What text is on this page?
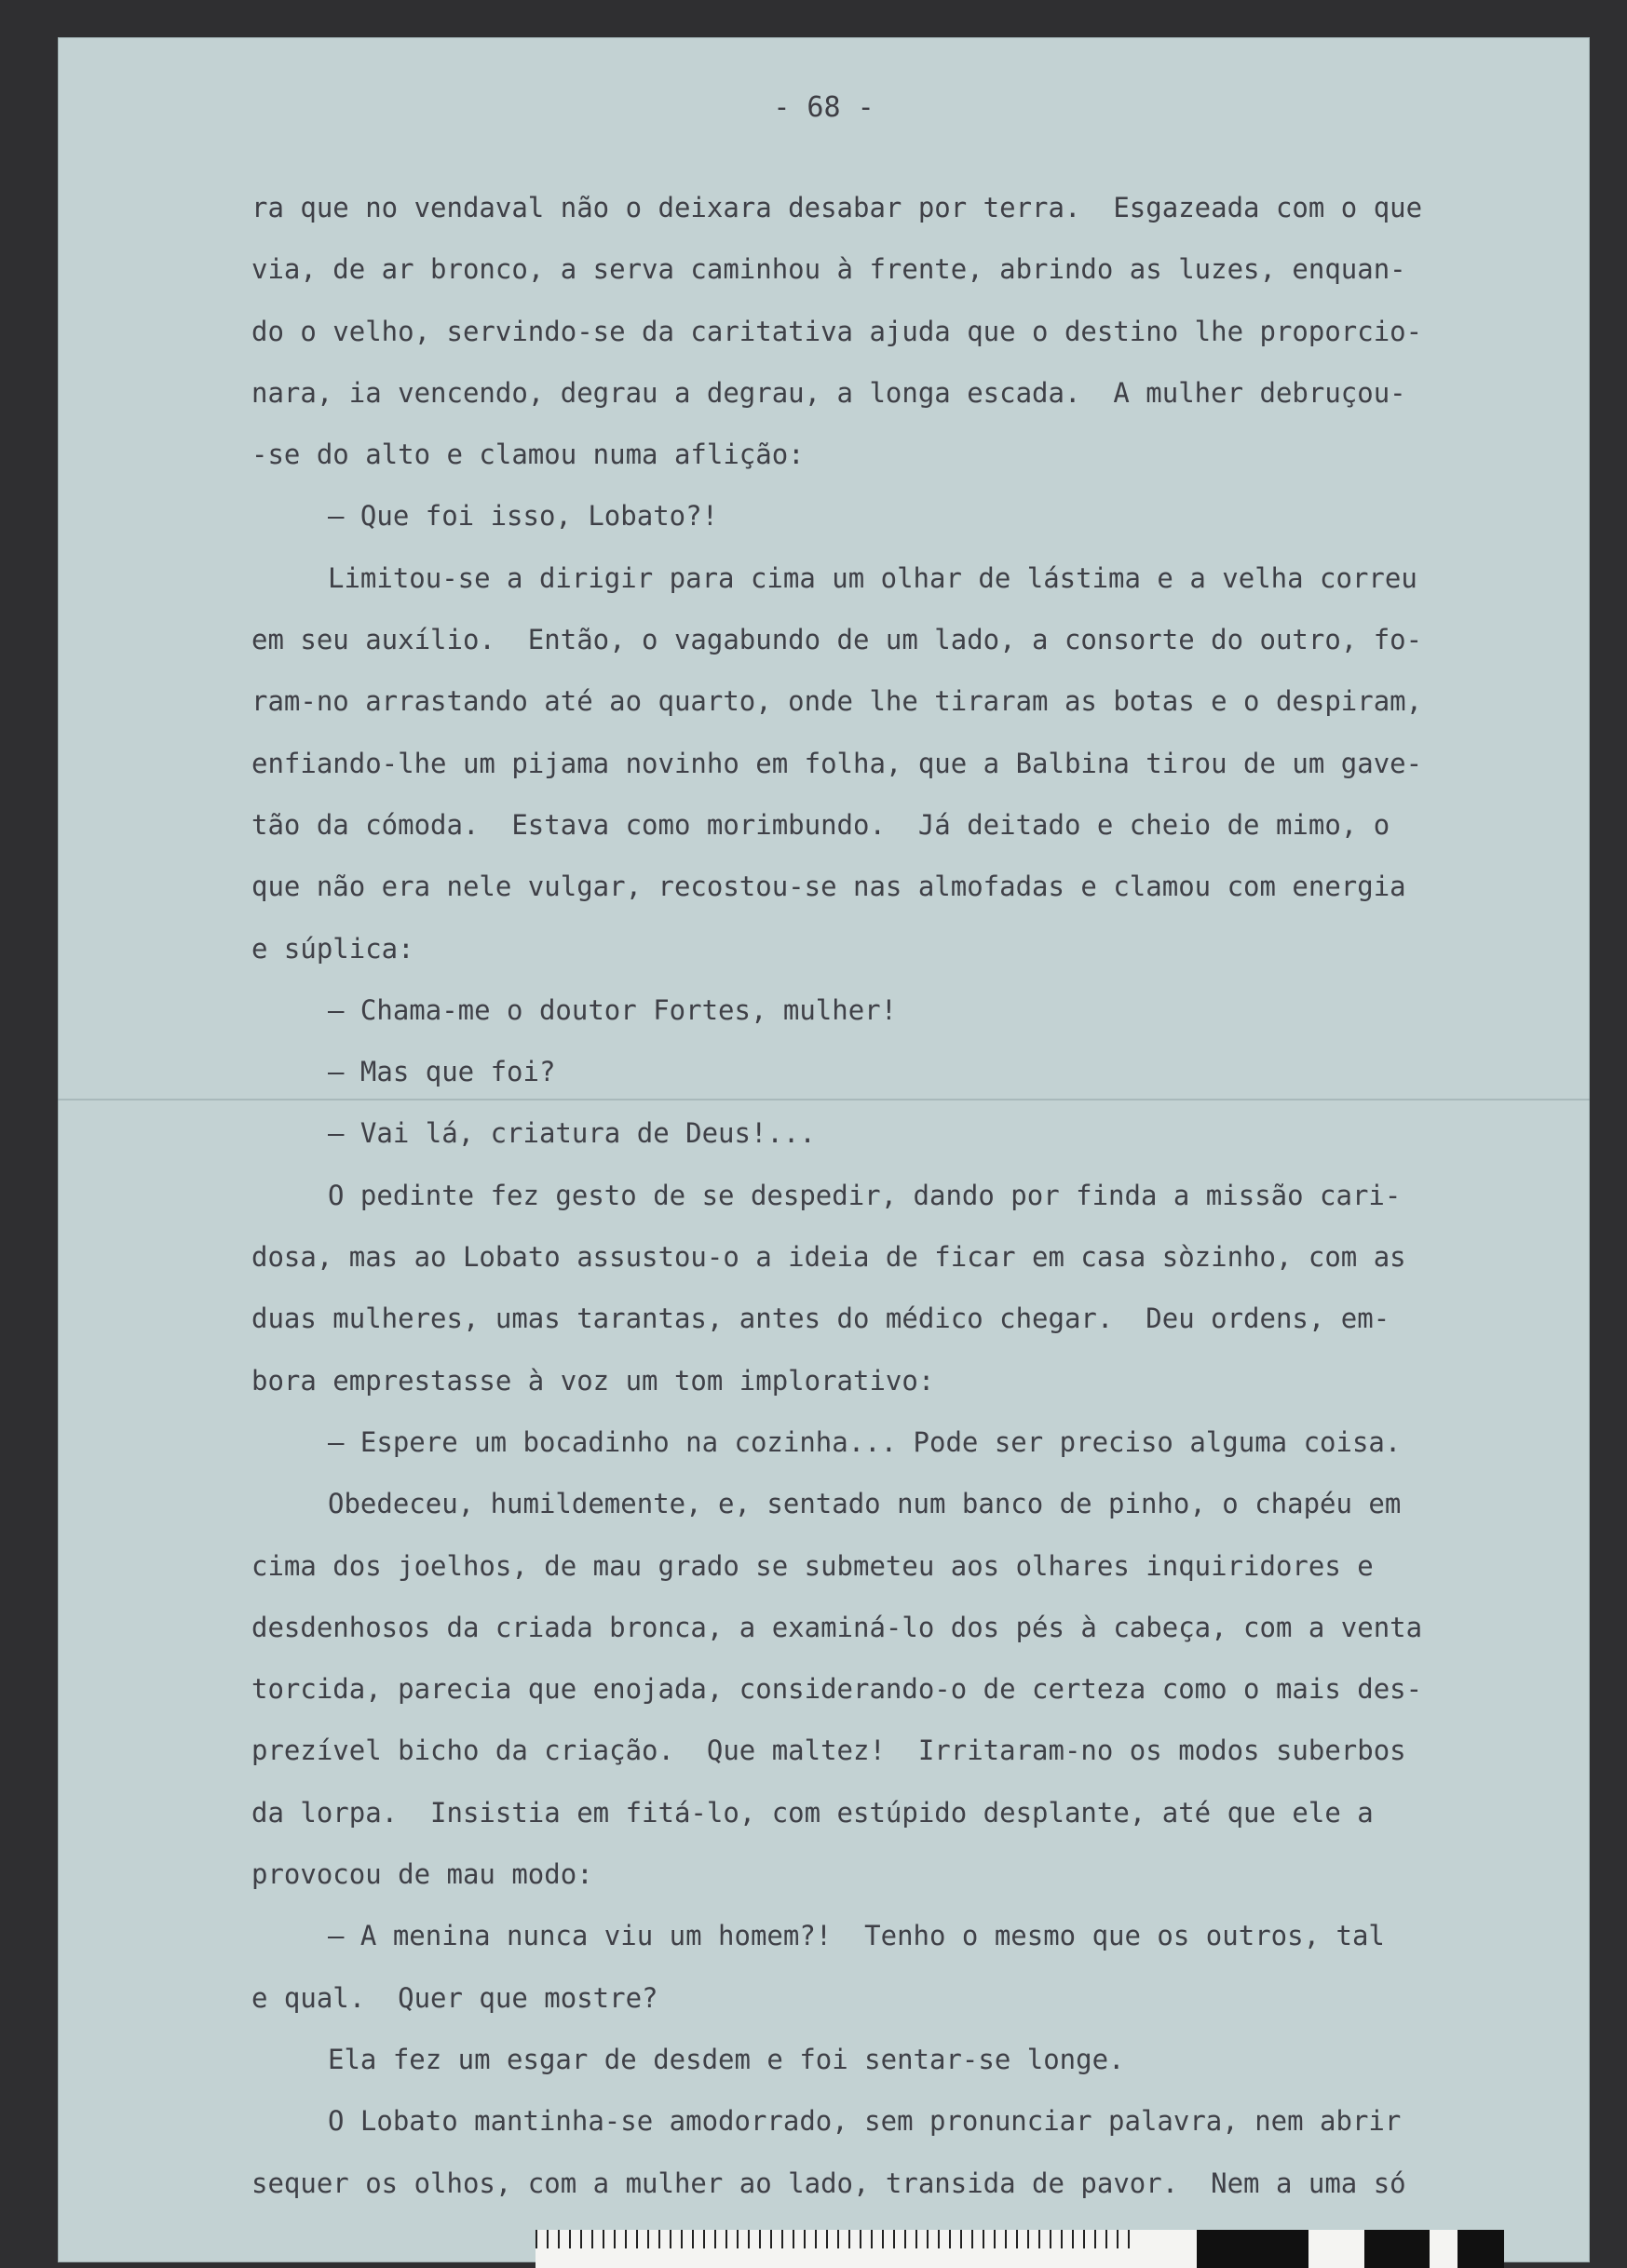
- 68 -
ra que no vendaval não o deixara desabar por terra.  Esgazeada com o que
via, de ar bronco, a serva caminhou à frente, abrindo as luzes, enquan-
do o velho, servindo-se da caritativa ajuda que o destino lhe proporcio-
nara, ia vencendo, degrau a degrau, a longa escada.  A mulher debruçou-
-se do alto e clamou numa aflição:
— Que foi isso, Lobato?!
Limitou-se a dirigir para cima um olhar de lástima e a velha correu
em seu auxílio.  Então, o vagabundo de um lado, a consorte do outro, fo-
ram-no arrastando até ao quarto, onde lhe tiraram as botas e o despiram,
enfiando-lhe um pijama novinho em folha, que a Balbina tirou de um gave-
tão da cómoda.  Estava como morimbundo.  Já deitado e cheio de mimo, o
que não era nele vulgar, recostou-se nas almofadas e clamou com energia
e súplica:
— Chama-me o doutor Fortes, mulher!
— Mas que foi?
— Vai lá, criatura de Deus!...
O pedinte fez gesto de se despedir, dando por finda a missão cari-
dosa, mas ao Lobato assustou-o a ideia de ficar em casa sòzinho, com as
duas mulheres, umas tarantas, antes do médico chegar.  Deu ordens, em-
bora emprestasse à voz um tom implorativo:
— Espere um bocadinho na cozinha... Pode ser preciso alguma coisa.
Obedeceu, humildemente, e, sentado num banco de pinho, o chapéu em
cima dos joelhos, de mau grado se submeteu aos olhares inquiridores e
desdenhosos da criada bronca, a examiná-lo dos pés à cabeça, com a venta
torcida, parecia que enojada, considerando-o de certeza como o mais des-
prezível bicho da criação.  Que maltez!  Irritaram-no os modos suberbos
da lorpa.  Insistia em fitá-lo, com estúpido desplante, até que ele a
provocou de mau modo:
— A menina nunca viu um homem?!  Tenho o mesmo que os outros, tal
e qual.  Quer que mostre?
Ela fez um esgar de desdem e foi sentar-se longe.
O Lobato mantinha-se amodorrado, sem pronunciar palavra, nem abrir
sequer os olhos, com a mulher ao lado, transida de pavor.  Nem a uma só
